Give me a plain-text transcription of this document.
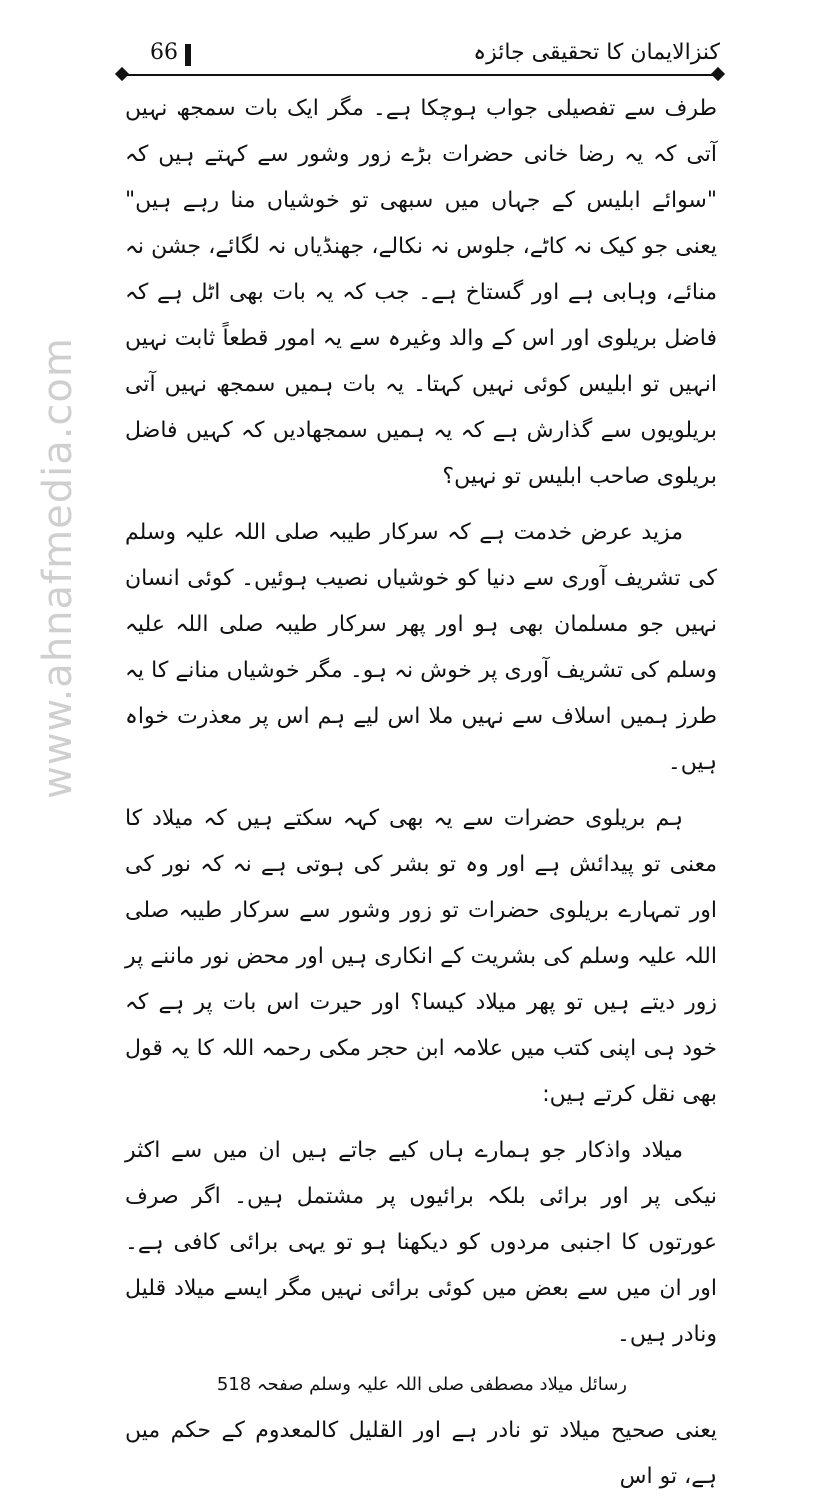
www.ahnafmedia.com
66	کنزالایمان کا تحقیقی جائزہ

طرف سے تفصیلی جواب ہوچکا ہے۔ مگر ایک بات سمجھ نہیں آتی کہ یہ رضا خانی حضرات بڑے زور وشور سے کہتے ہیں کہ "سوائے ابلیس کے جہاں میں سبھی تو خوشیاں منا رہے ہیں" یعنی جو کیک نہ کاٹے، جلوس نہ نکالے، جھنڈیاں نہ لگائے، جشن نہ منائے، وہابی ہے اور گستاخ ہے۔ جب کہ یہ بات بھی اٹل ہے کہ فاضل بریلوی اور اس کے والد وغیرہ سے یہ امور قطعاً ثابت نہیں انہیں تو ابلیس کوئی نہیں کہتا۔ یہ بات ہمیں سمجھ نہیں آتی بریلویوں سے گذارش ہے کہ یہ ہمیں سمجھادیں کہ کہیں فاضل بریلوی صاحب ابلیس تو نہیں؟

مزید عرض خدمت ہے کہ سرکار طیبہ صلی اللہ علیہ وسلم کی تشریف آوری سے دنیا کو خوشیاں نصیب ہوئیں۔ کوئی انسان نہیں جو مسلمان بھی ہو اور پھر سرکار طیبہ صلی اللہ علیہ وسلم کی تشریف آوری پر خوش نہ ہو۔ مگر خوشیاں منانے کا یہ طرز ہمیں اسلاف سے نہیں ملا اس لیے ہم اس پر معذرت خواہ ہیں۔

ہم بریلوی حضرات سے یہ بھی کہہ سکتے ہیں کہ میلاد کا معنی تو پیدائش ہے اور وہ تو بشر کی ہوتی ہے نہ کہ نور کی اور تمہارے بریلوی حضرات تو زور وشور سے سرکار طیبہ صلی اللہ علیہ وسلم کی بشریت کے انکاری ہیں اور محض نور ماننے پر زور دیتے ہیں تو پھر میلاد کیسا؟ اور حیرت اس بات پر ہے کہ خود ہی اپنی کتب میں علامہ ابن حجر مکی رحمہ اللہ کا یہ قول بھی نقل کرتے ہیں:

میلاد واذکار جو ہمارے ہاں کیے جاتے ہیں ان میں سے اکثر نیکی پر اور برائی بلکہ برائیوں پر مشتمل ہیں۔ اگر صرف عورتوں کا اجنبی مردوں کو دیکھنا ہو تو یہی برائی کافی ہے۔ اور ان میں سے بعض میں کوئی برائی نہیں مگر ایسے میلاد قلیل ونادر ہیں۔

رسائل میلاد مصطفی صلی اللہ علیہ وسلم صفحہ 518

یعنی صحیح میلاد تو نادر ہے اور القلیل کالمعدوم کے حکم میں ہے، تو اس
